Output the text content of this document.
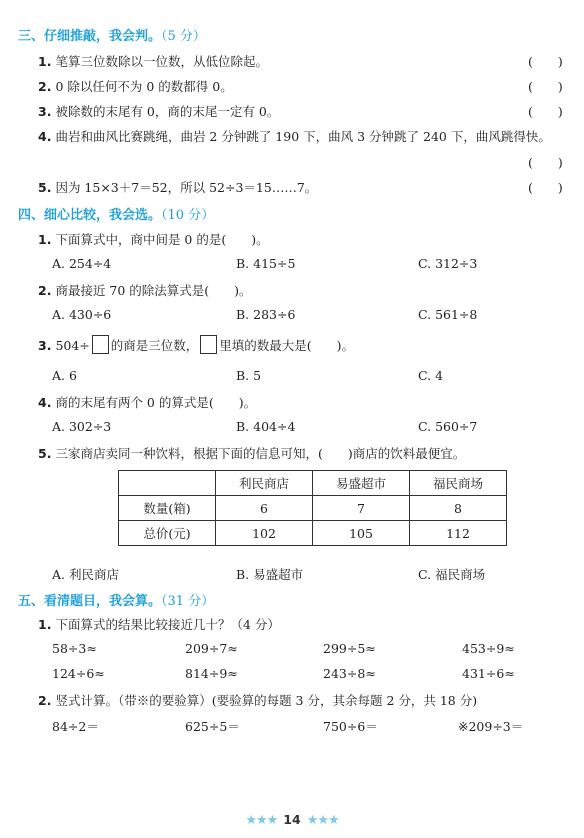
三、仔细推敲，我会判。（5 分）
1. 笔算三位数除以一位数，从低位除起。	(　　)
2. 0 除以任何不为 0 的数都得 0。	(　　)
3. 被除数的末尾有 0，商的末尾一定有 0。	(　　)
4. 曲岩和曲风比赛跳绳，曲岩 2 分钟跳了 190 下，曲风 3 分钟跳了 240 下，曲风跳得快。
(　　)
5. 因为 15×3＋7＝52，所以 52÷3＝15……7。	(　　)
四、细心比较，我会选。（10 分）
1. 下面算式中，商中间是 0 的是(　　)。
A. 254÷4	B. 415÷5	C. 312÷3
2. 商最接近 70 的除法算式是(　　)。
A. 430÷6	B. 283÷6	C. 561÷8
3. 504÷ 的商是三位数， 里填的数最大是(　　)。
A. 6	B. 5	C. 4
4. 商的末尾有两个 0 的算式是(　　)。
A. 302÷3	B. 404÷4	C. 560÷7
5. 三家商店卖同一种饮料，根据下面的信息可知，(　　)商店的饮料最便宜。
	利民商店	易盛超市	福民商场
数量(箱)	6	7	8
总价(元)	102	105	112
A. 利民商店	B. 易盛超市	C. 福民商场
五、看清题目，我会算。（31 分）
1. 下面算式的结果比较接近几十？（4 分）
58÷3≈	209÷7≈	299÷5≈	453÷9≈
124÷6≈	814÷9≈	243÷8≈	431÷6≈
2. 竖式计算。（带※的要验算）(要验算的每题 3 分，其余每题 2 分，共 18 分)
84÷2＝	625÷5＝	750÷6＝	※209÷3＝
★★★ 14 ★★★
